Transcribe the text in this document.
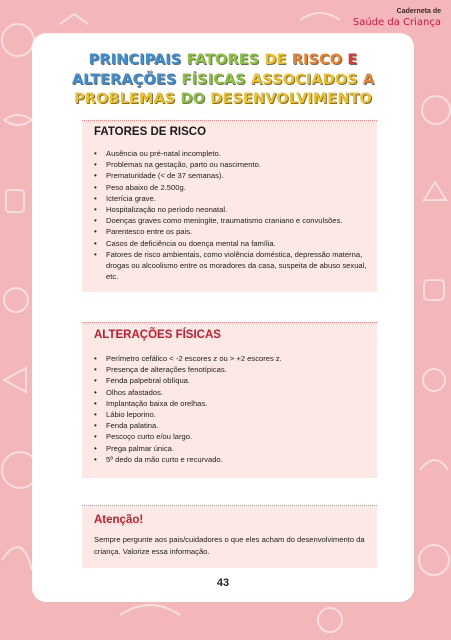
Caderneta de
Saúde da Criança
PRINCIPAIS FATORES DE RISCO E
ALTERAÇÕES FÍSICAS ASSOCIADOS A
PROBLEMAS DO DESENVOLVIMENTO
FATORES DE RISCO
• Ausência ou pré-natal incompleto.
• Problemas na gestação, parto ou nascimento.
• Prematuridade (< de 37 semanas).
• Peso abaixo de 2.500g.
• Icterícia grave.
• Hospitalização no período neonatal.
• Doenças graves como meningite, traumatismo craniano e convulsões.
• Parentesco entre os pais.
• Casos de deficiência ou doença mental na família.
• Fatores de risco ambientais, como violência doméstica, depressão materna, drogas ou alcoolismo entre os moradores da casa, suspeita de abuso sexual, etc.
ALTERAÇÕES FÍSICAS
• Perímetro cefálico < -2 escores z ou > +2 escores z.
• Presença de alterações fenotípicas.
• Fenda palpebral oblíqua.
• Olhos afastados.
• Implantação baixa de orelhas.
• Lábio leporino.
• Fenda palatina.
• Pescoço curto e/ou largo.
• Prega palmar única.
• 5º dedo da mão curto e recurvado.
Atenção!
Sempre pergunte aos pais/cuidadores o que eles acham do desenvolvimento da criança. Valorize essa informação.
43
